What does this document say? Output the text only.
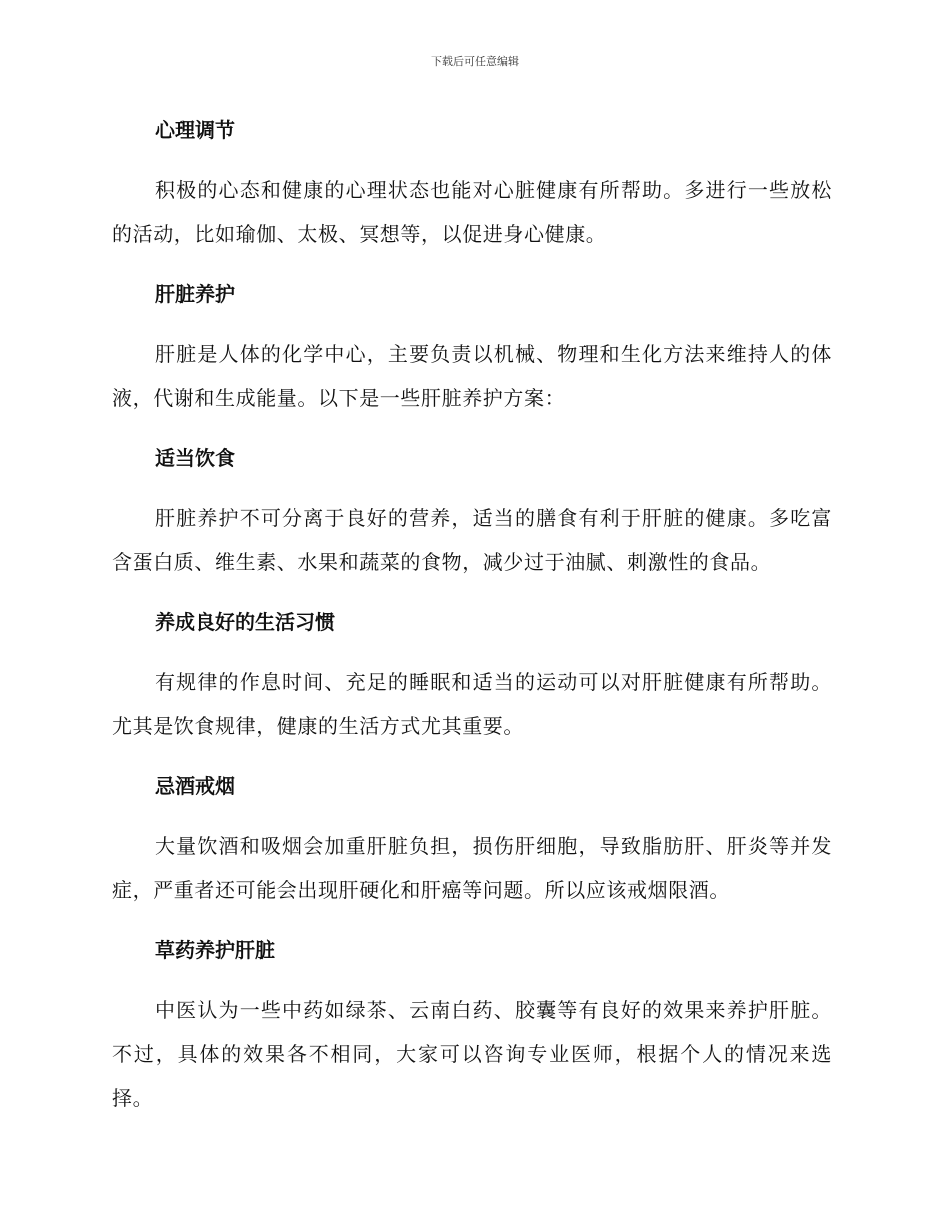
下载后可任意编辑
心理调节

积极的心态和健康的心理状态也能对心脏健康有所帮助。多进行一些放松的活动，比如瑜伽、太极、冥想等，以促进身心健康。

肝脏养护

肝脏是人体的化学中心，主要负责以机械、物理和生化方法来维持人的体液，代谢和生成能量。以下是一些肝脏养护方案：

适当饮食

肝脏养护不可分离于良好的营养，适当的膳食有利于肝脏的健康。多吃富含蛋白质、维生素、水果和蔬菜的食物，减少过于油腻、刺激性的食品。

养成良好的生活习惯

有规律的作息时间、充足的睡眠和适当的运动可以对肝脏健康有所帮助。尤其是饮食规律，健康的生活方式尤其重要。

忌酒戒烟

大量饮酒和吸烟会加重肝脏负担，损伤肝细胞，导致脂肪肝、肝炎等并发症，严重者还可能会出现肝硬化和肝癌等问题。所以应该戒烟限酒。

草药养护肝脏

中医认为一些中药如绿茶、云南白药、胶囊等有良好的效果来养护肝脏。不过，具体的效果各不相同，大家可以咨询专业医师，根据个人的情况来选择。
